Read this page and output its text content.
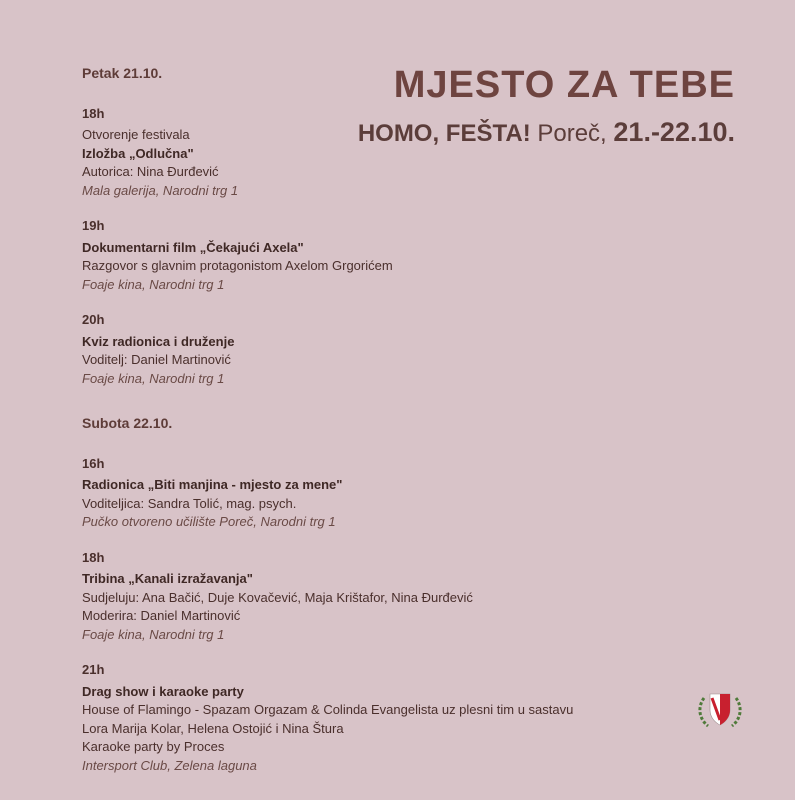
MJESTO ZA TEBE
HOMO, FEŠTA! Poreč, 21.-22.10.
Petak 21.10.
18h
Otvorenje festivala
Izložba „Odlučna"
Autorica: Nina Đurđević
Mala galerija, Narodni trg 1
19h
Dokumentarni film „Čekajući Axela"
Razgovor s glavnim protagonistom Axelom Grgorićem
Foaje kina, Narodni trg 1
20h
Kviz radionica i druženje
Voditelj: Daniel Martinović
Foaje kina, Narodni trg 1
Subota 22.10.
16h
Radionica „Biti manjina - mjesto za mene"
Voditeljica: Sandra Tolić, mag. psych.
Pučko otvoreno učilište Poreč, Narodni trg 1
18h
Tribina „Kanali izražavanja"
Sudjeluju: Ana Bačić, Duje Kovačević, Maja Krištafor, Nina Đurđević
Moderira: Daniel Martinović
Foaje kina, Narodni trg 1
21h
Drag show i karaoke party
House of Flamingo - Spazam Orgazam & Colinda Evangelista uz plesni tim u sastavu
Lora Marija Kolar, Helena Ostojić i Nina Štura
Karaoke party by Proces
Intersport Club, Zelena laguna
